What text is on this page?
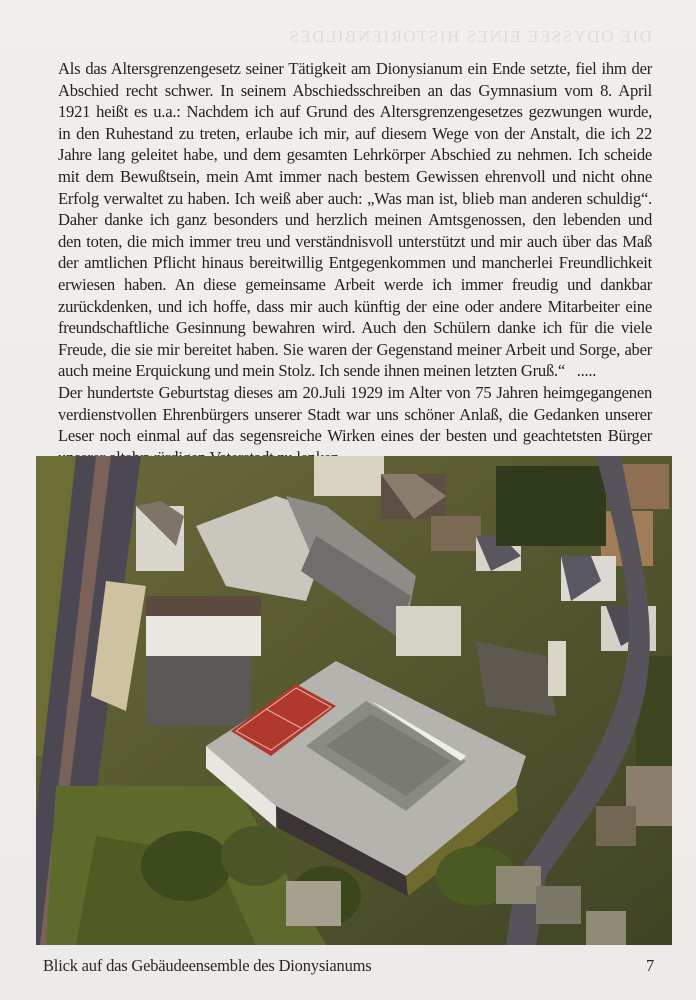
DIE ODYSSEE EINES HISTORIENBILDES

Als das Altersgrenzengesetz seiner Tätigkeit am Dionysianum ein Ende setzte, fiel ihm der
Abschied recht schwer. In seinem Abschiedsschreiben an das Gymnasium vom 8. April
1921 heißt es u.a.: Nachdem ich auf Grund des Altersgrenzengesetzes gezwungen wurde,
in den Ruhestand zu treten, erlaube ich mir, auf diesem Wege von der Anstalt, die ich 22
Jahre lang geleitet habe, und dem gesamten Lehrkörper Abschied zu nehmen. Ich scheide
mit dem Bewußtsein, mein Amt immer nach bestem Gewissen ehrenvoll und nicht ohne
Erfolg verwaltet zu haben. Ich weiß aber auch: „Was man ist, blieb man anderen schuldig“.
Daher danke ich ganz besonders und herzlich meinen Amtsgenossen, den lebenden und
den toten, die mich immer treu und verständnisvoll unterstützt und mir auch über das Maß
der amtlichen Pflicht hinaus bereitwillig Entgegenkommen und mancherlei Freundlichkeit
erwiesen haben. An diese gemeinsame Arbeit werde ich immer freudig und dankbar
zurückdenken, und ich hoffe, dass mir auch künftig der eine oder andere Mitarbeiter eine
freundschaftliche Gesinnung bewahren wird. Auch den Schülern danke ich für die viele
Freude, die sie mir bereitet haben. Sie waren der Gegenstand meiner Arbeit und Sorge, aber
auch meine Erquickung und mein Stolz. Ich sende ihnen meinen letzten Gruß.“   .....

Der hundertste Geburtstag dieses am 20.Juli 1929 im Alter von 75 Jahren heimgegangenen
verdienstvollen Ehrenbürgers unserer Stadt war uns schöner Anlaß, die Gedanken unserer
Leser noch einmal auf das segensreiche Wirken eines der besten und geachtetsten Bürger

Blick auf das Gebäudeensemble des Dionysianums	7
